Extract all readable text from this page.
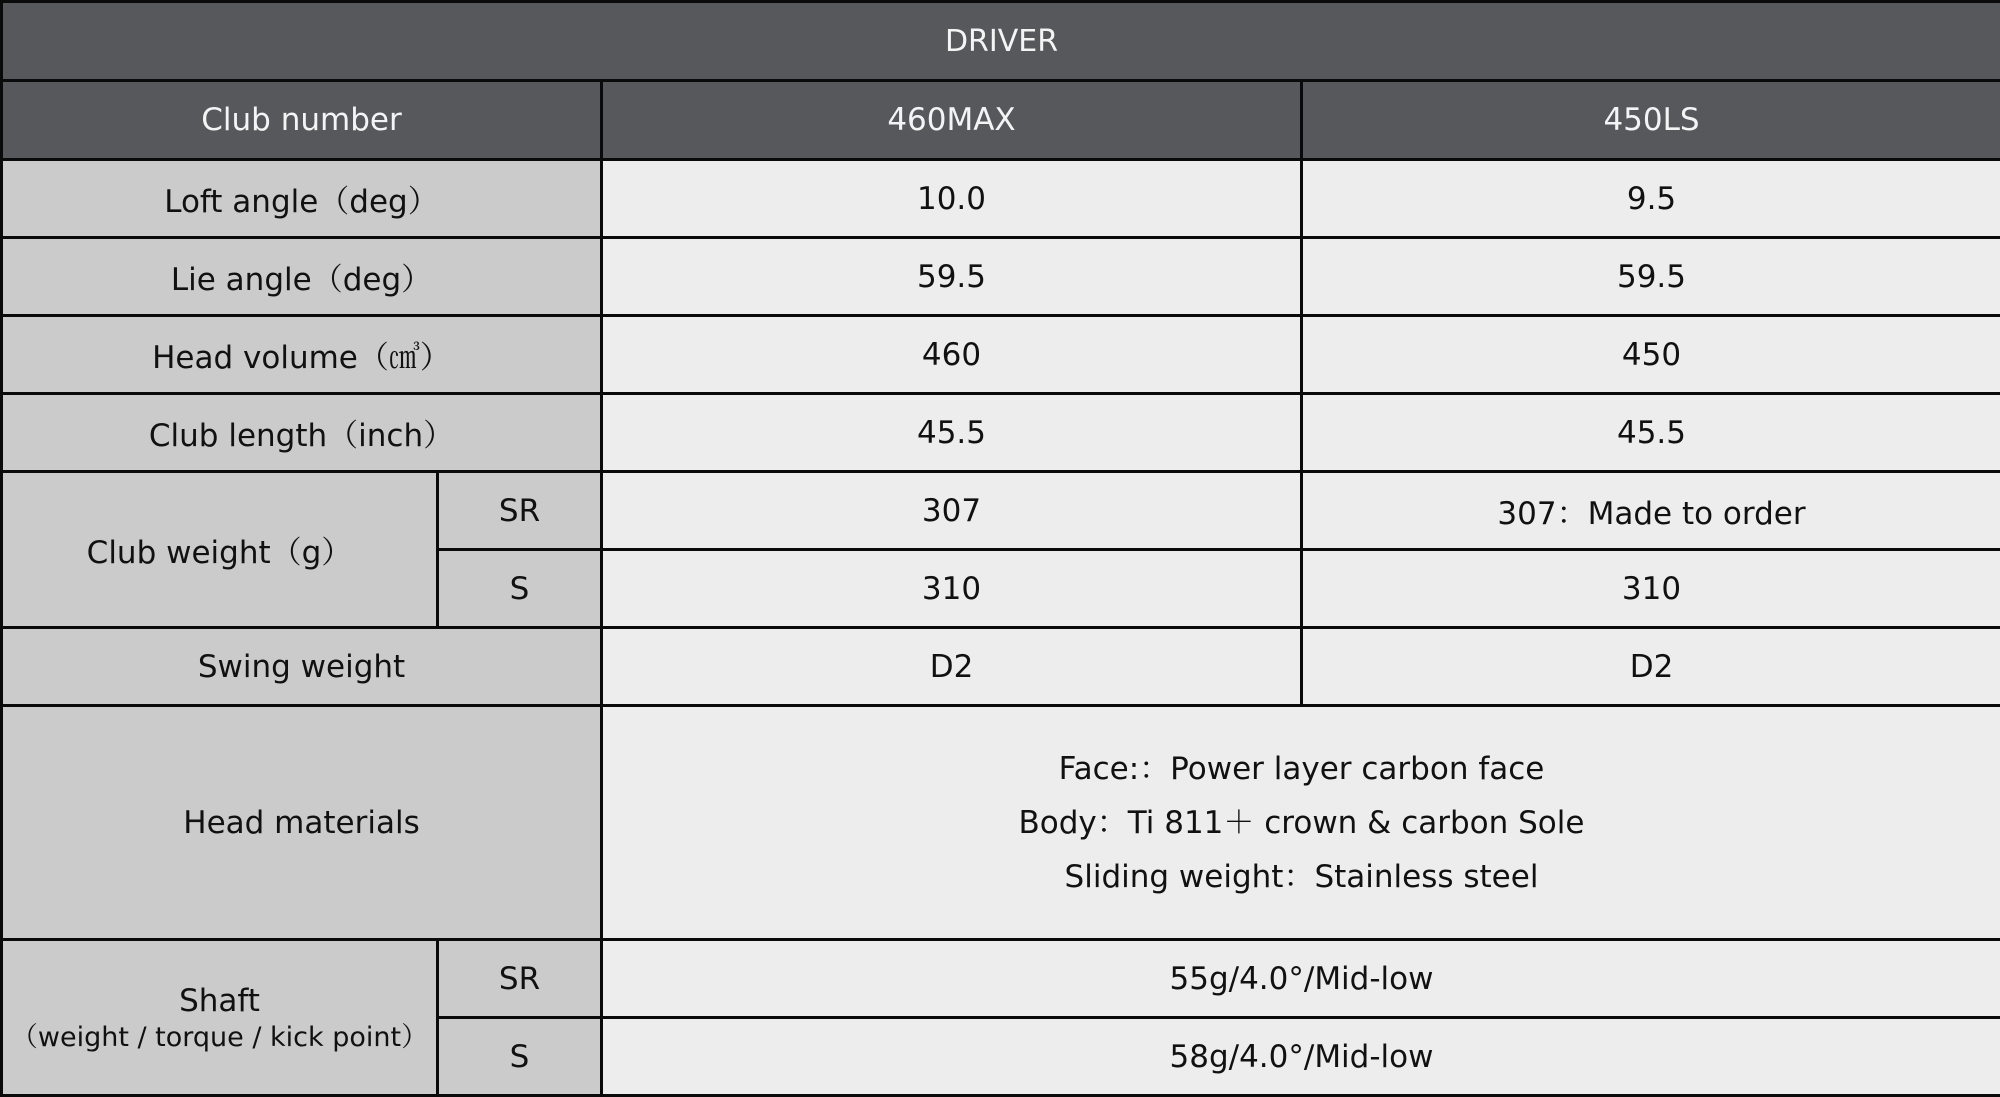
DRIVER			
Club number		460MAX	450LS
Loft angle（deg）		10.0	9.5
Lie angle（deg）		59.5	59.5
Head volume（㎤）		460	450
Club length（inch）		45.5	45.5
Club weight（g）	SR	307	307：Made to order
	S	310	310
Swing weight		D2	D2
Head materials		Face:：Power layer carbon face
Body：Ti 811＋ crown & carbon Sole
Sliding weight：Stainless steel	

Shaft
（weight / torque / kick point）	SR	55g/4.0°/Mid-low	
	S	58g/4.0°/Mid-low	
